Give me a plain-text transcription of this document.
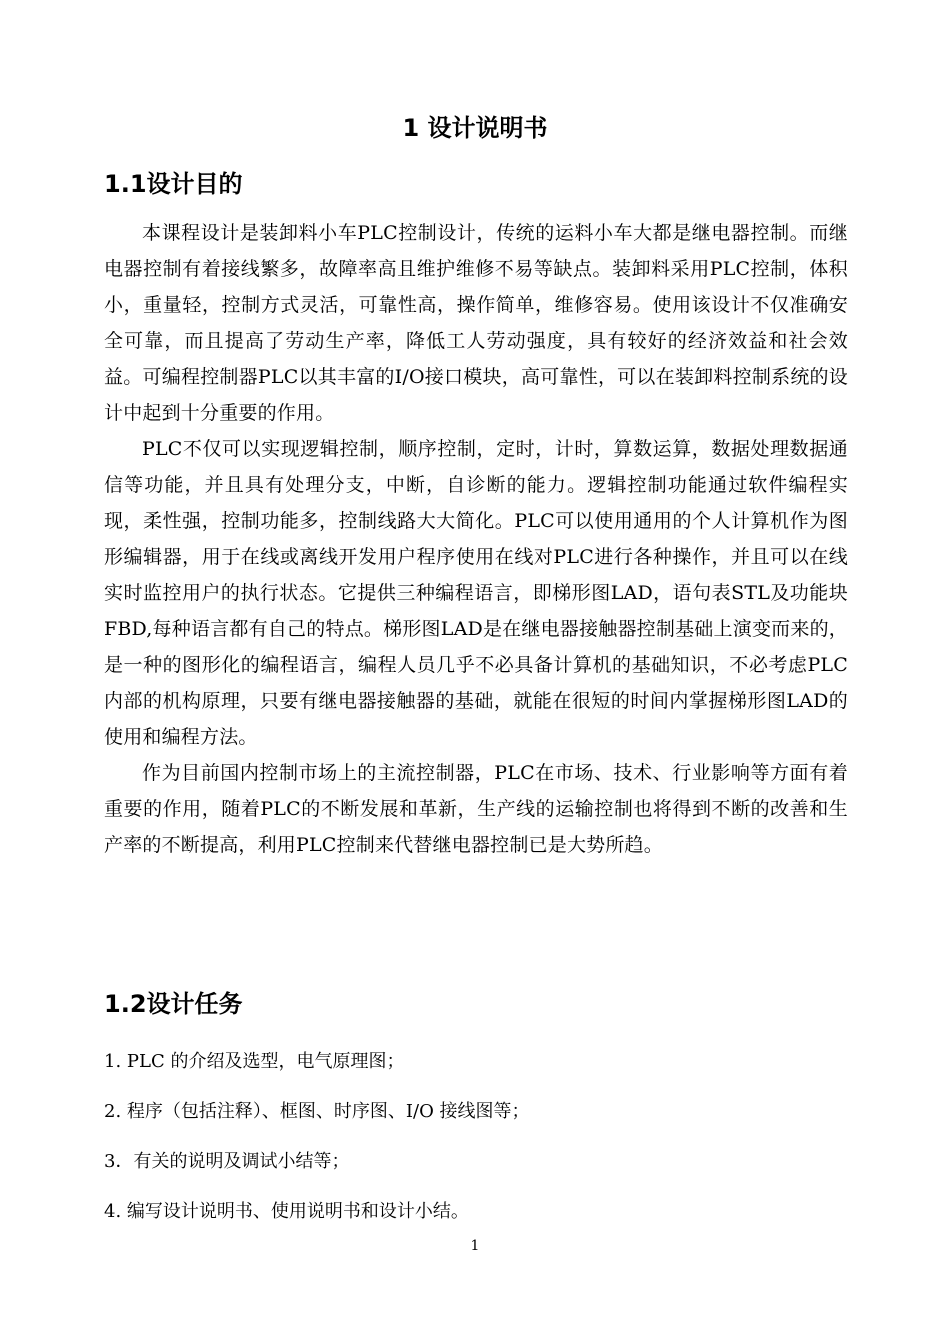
1 设计说明书
1.1设计目的

本课程设计是装卸料小车PLC控制设计，传统的运料小车大都是继电器控制。而继电器控制有着接线繁多，故障率高且维护维修不易等缺点。装卸料采用PLC控制，体积小，重量轻，控制方式灵活，可靠性高，操作简单，维修容易。使用该设计不仅准确安全可靠，而且提高了劳动生产率，降低工人劳动强度，具有较好的经济效益和社会效益。可编程控制器PLC以其丰富的I/O接口模块，高可靠性，可以在装卸料控制系统的设计中起到十分重要的作用。

PLC不仅可以实现逻辑控制，顺序控制，定时，计时，算数运算，数据处理数据通信等功能，并且具有处理分支，中断，自诊断的能力。逻辑控制功能通过软件编程实现，柔性强，控制功能多，控制线路大大简化。PLC可以使用通用的个人计算机作为图形编辑器，用于在线或离线开发用户程序使用在线对PLC进行各种操作，并且可以在线实时监控用户的执行状态。它提供三种编程语言，即梯形图LAD，语句表STL及功能块FBD,每种语言都有自己的特点。梯形图LAD是在继电器接触器控制基础上演变而来的，是一种的图形化的编程语言，编程人员几乎不必具备计算机的基础知识，不必考虑PLC内部的机构原理，只要有继电器接触器的基础，就能在很短的时间内掌握梯形图LAD的使用和编程方法。

作为目前国内控制市场上的主流控制器，PLC在市场、技术、行业影响等方面有着重要的作用，随着PLC的不断发展和革新，生产线的运输控制也将得到不断的改善和生产率的不断提高，利用PLC控制来代替继电器控制已是大势所趋。

1.2设计任务
1. PLC 的介绍及选型，电气原理图；
2. 程序（包括注释）、框图、时序图、I/O 接线图等；
3．有关的说明及调试小结等；
4. 编写设计说明书、使用说明书和设计小结。
1
